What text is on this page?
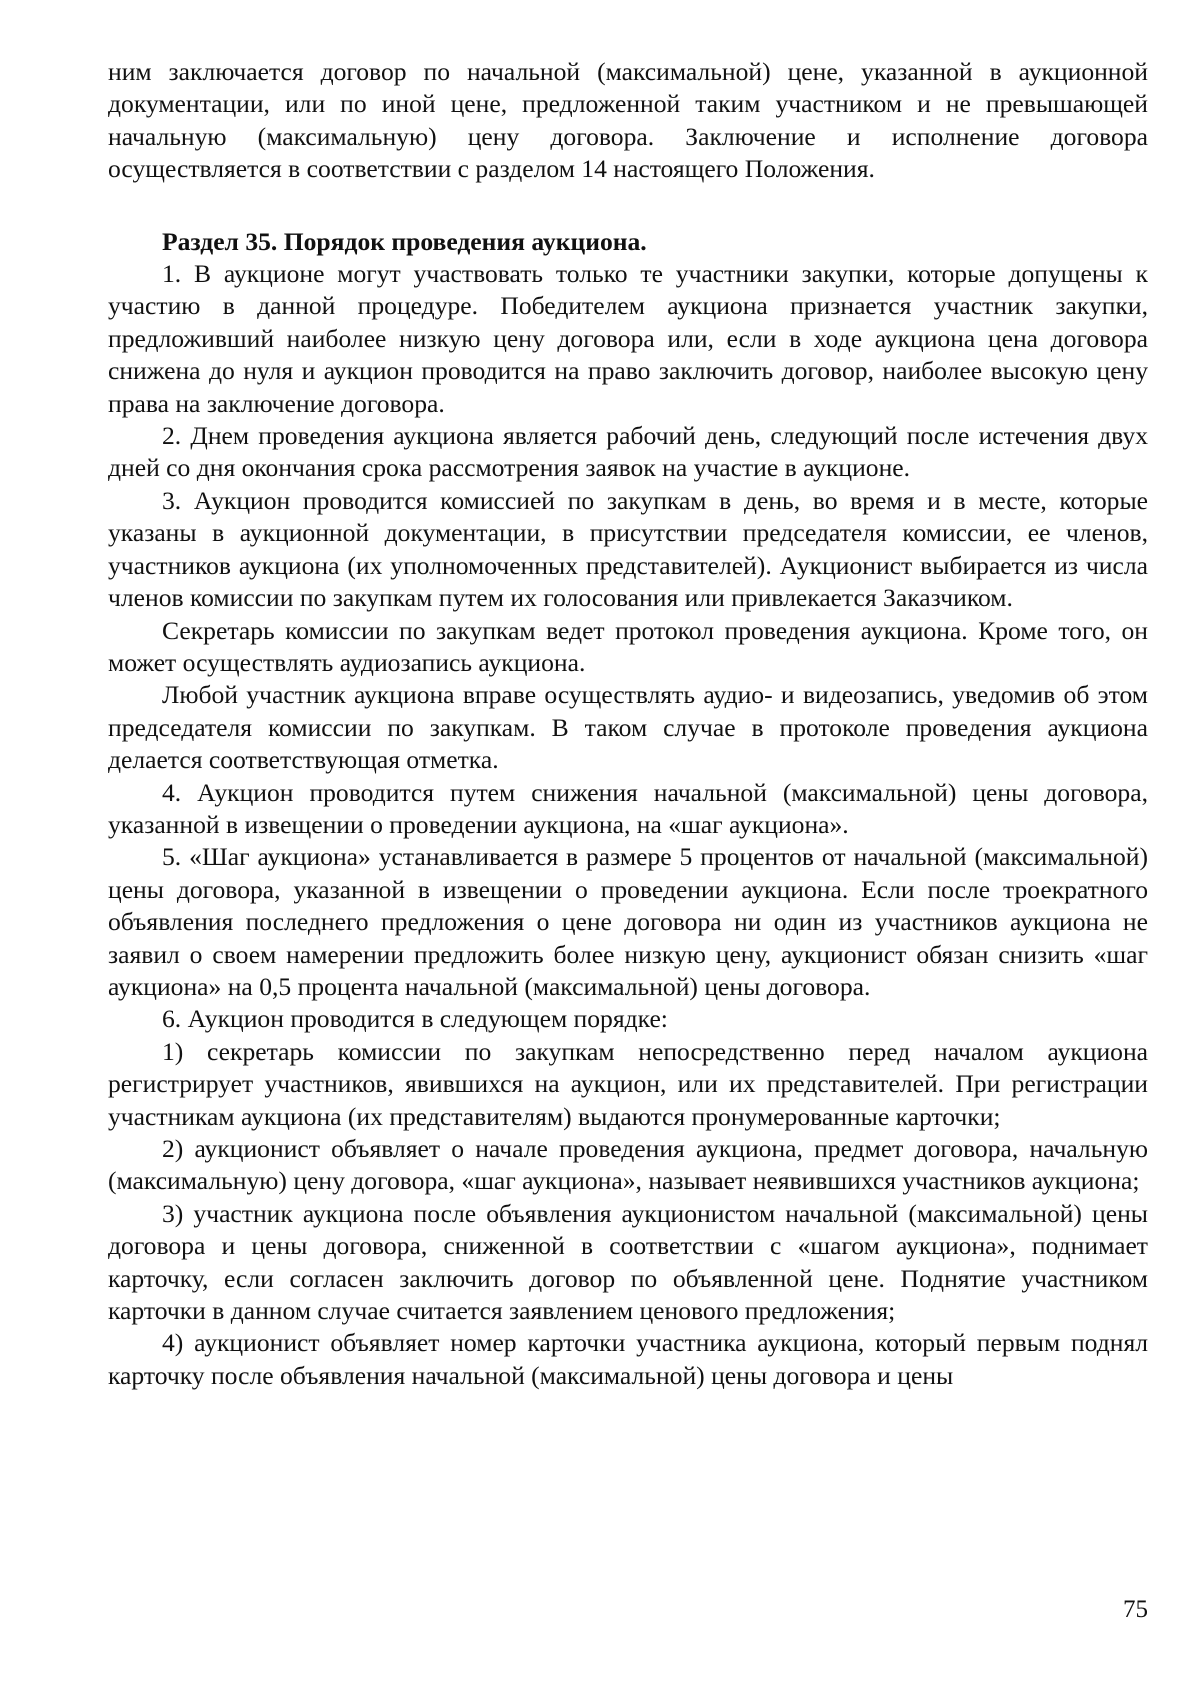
ним заключается договор по начальной (максимальной) цене, указанной в аукционной документации, или по иной цене, предложенной таким участником и не превышающей начальную (максимальную) цену договора. Заключение и исполнение договора осуществляется в соответствии с разделом 14 настоящего Положения.

Раздел 35. Порядок проведения аукциона.

1. В аукционе могут участвовать только те участники закупки, которые допущены к участию в данной процедуре. Победителем аукциона признается участник закупки, предложивший наиболее низкую цену договора или, если в ходе аукциона цена договора снижена до нуля и аукцион проводится на право заключить договор, наиболее высокую цену права на заключение договора.

2. Днем проведения аукциона является рабочий день, следующий после истечения двух дней со дня окончания срока рассмотрения заявок на участие в аукционе.

3. Аукцион проводится комиссией по закупкам в день, во время и в месте, которые указаны в аукционной документации, в присутствии председателя комиссии, ее членов, участников аукциона (их уполномоченных представителей). Аукционист выбирается из числа членов комиссии по закупкам путем их голосования или привлекается Заказчиком.

Секретарь комиссии по закупкам ведет протокол проведения аукциона. Кроме того, он может осуществлять аудиозапись аукциона.

Любой участник аукциона вправе осуществлять аудио- и видеозапись, уведомив об этом председателя комиссии по закупкам. В таком случае в протоколе проведения аукциона делается соответствующая отметка.

4. Аукцион проводится путем снижения начальной (максимальной) цены договора, указанной в извещении о проведении аукциона, на «шаг аукциона».

5. «Шаг аукциона» устанавливается в размере 5 процентов от начальной (максимальной) цены договора, указанной в извещении о проведении аукциона. Если после троекратного объявления последнего предложения о цене договора ни один из участников аукциона не заявил о своем намерении предложить более низкую цену, аукционист обязан снизить «шаг аукциона» на 0,5 процента начальной (максимальной) цены договора.

6. Аукцион проводится в следующем порядке:

1) секретарь комиссии по закупкам непосредственно перед началом аукциона регистрирует участников, явившихся на аукцион, или их представителей. При регистрации участникам аукциона (их представителям) выдаются пронумерованные карточки;

2) аукционист объявляет о начале проведения аукциона, предмет договора, начальную (максимальную) цену договора, «шаг аукциона», называет неявившихся участников аукциона;

3) участник аукциона после объявления аукционистом начальной (максимальной) цены договора и цены договора, сниженной в соответствии с «шагом аукциона», поднимает карточку, если согласен заключить договор по объявленной цене. Поднятие участником карточки в данном случае считается заявлением ценового предложения;

4) аукционист объявляет номер карточки участника аукциона, который первым поднял карточку после объявления начальной (максимальной) цены договора и цены

75
